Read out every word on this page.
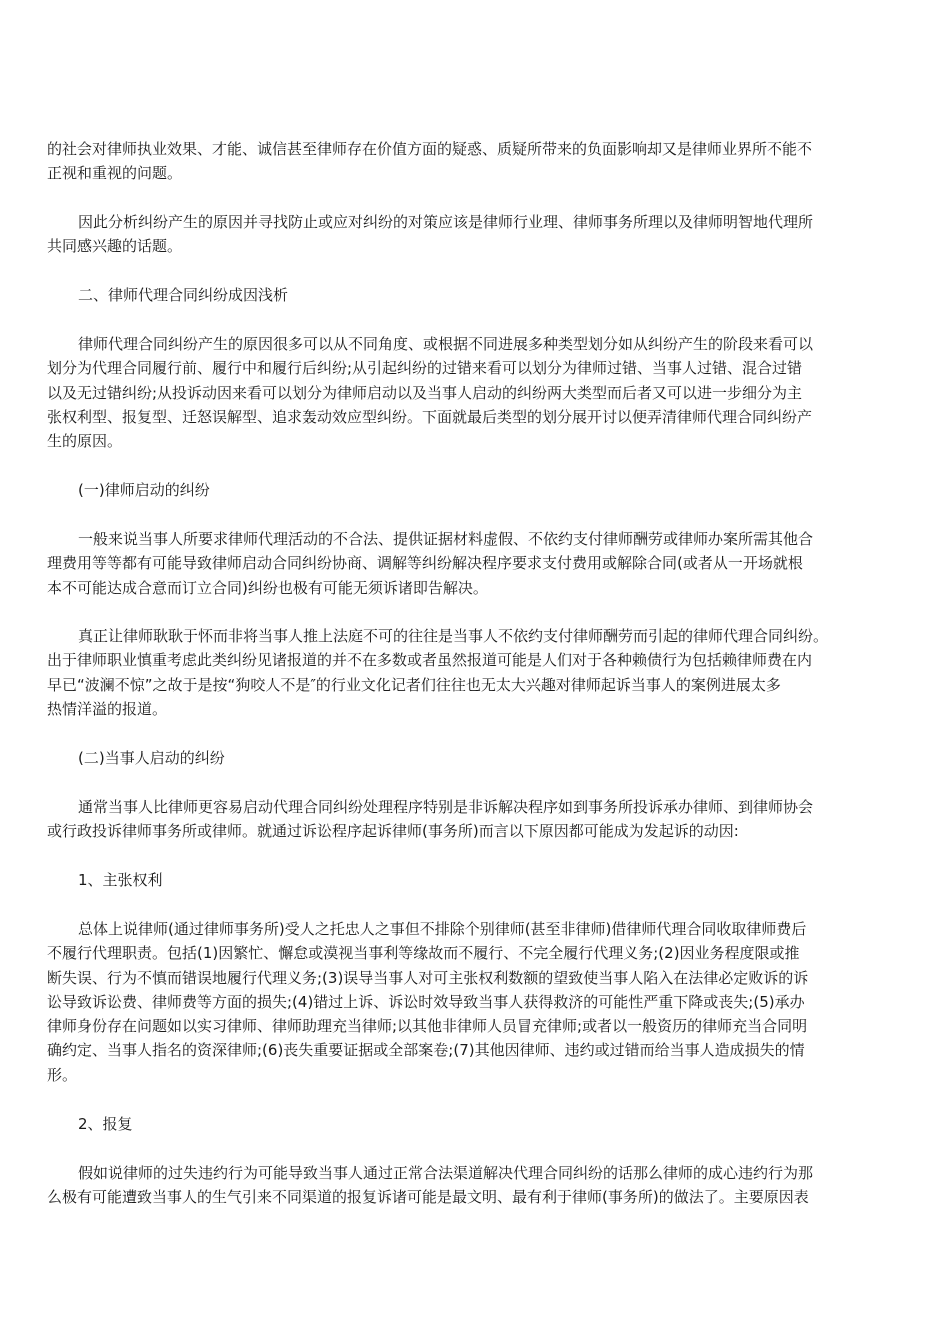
的社会对律师执业效果、才能、诚信甚至律师存在价值方面的疑惑、质疑所带来的负面影响却又是律师业界所不能不
正视和重视的问题。

因此分析纠纷产生的原因并寻找防止或应对纠纷的对策应该是律师行业理、律师事务所理以及律师明智地代理所
共同感兴趣的话题。

二、律师代理合同纠纷成因浅析

律师代理合同纠纷产生的原因很多可以从不同角度、或根据不同进展多种类型划分如从纠纷产生的阶段来看可以
划分为代理合同履行前、履行中和履行后纠纷;从引起纠纷的过错来看可以划分为律师过错、当事人过错、混合过错
以及无过错纠纷;从投诉动因来看可以划分为律师启动以及当事人启动的纠纷两大类型而后者又可以进一步细分为主
张权利型、报复型、迁怒误解型、追求轰动效应型纠纷。下面就最后类型的划分展开讨以便弄清律师代理合同纠纷产
生的原因。

(一)律师启动的纠纷

一般来说当事人所要求律师代理活动的不合法、提供证据材料虚假、不依约支付律师酬劳或律师办案所需其他合
理费用等等都有可能导致律师启动合同纠纷协商、调解等纠纷解决程序要求支付费用或解除合同(或者从一开场就根
本不可能达成合意而订立合同)纠纷也极有可能无须诉诸即告解决。

真正让律师耿耿于怀而非将当事人推上法庭不可的往往是当事人不依约支付律师酬劳而引起的律师代理合同纠纷。
出于律师职业慎重考虑此类纠纷见诸报道的并不在多数或者虽然报道可能是人们对于各种赖债行为包括赖律师费在内
早已“波澜不惊”之故于是按“狗咬人不是″的行业文化记者们往往也无太大兴趣对律师起诉当事人的案例进展太多
热情洋溢的报道。

(二)当事人启动的纠纷

通常当事人比律师更容易启动代理合同纠纷处理程序特别是非诉解决程序如到事务所投诉承办律师、到律师协会
或行政投诉律师事务所或律师。就通过诉讼程序起诉律师(事务所)而言以下原因都可能成为发起诉的动因:

1、主张权利

总体上说律师(通过律师事务所)受人之托忠人之事但不排除个别律师(甚至非律师)借律师代理合同收取律师费后
不履行代理职责。包括(1)因繁忙、懈怠或漠视当事利等缘故而不履行、不完全履行代理义务;(2)因业务程度限或推
断失误、行为不慎而错误地履行代理义务;(3)误导当事人对可主张权利数额的望致使当事人陷入在法律必定败诉的诉
讼导致诉讼费、律师费等方面的损失;(4)错过上诉、诉讼时效导致当事人获得救济的可能性严重下降或丧失;(5)承办
律师身份存在问题如以实习律师、律师助理充当律师;以其他非律师人员冒充律师;或者以一般资历的律师充当合同明
确约定、当事人指名的资深律师;(6)丧失重要证据或全部案卷;(7)其他因律师、违约或过错而给当事人造成损失的情
形。

2、报复

假如说律师的过失违约行为可能导致当事人通过正常合法渠道解决代理合同纠纷的话那么律师的成心违约行为那
么极有可能遭致当事人的生气引来不同渠道的报复诉诸可能是最文明、最有利于律师(事务所)的做法了。主要原因表
